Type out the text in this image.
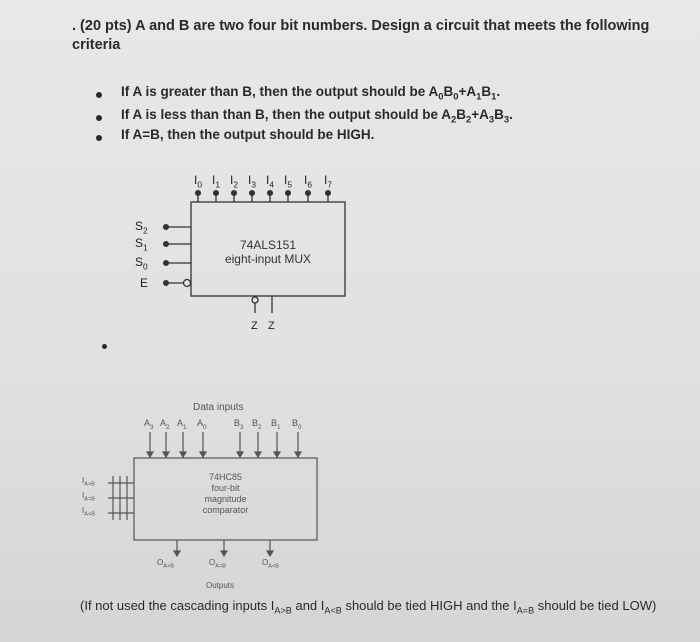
. (20 pts) A and B are two four bit numbers. Design a circuit that meets the following criteria
If A is greater than B, then the output should be $A_0B_0+A_1B_1$.
If A is less than than B, then the output should be $A_2B_2+A_3B_3$.
If A=B, then the output should be HIGH.
$I_0$ $I_1$ $I_2$ $I_3$ $I_4$ $I_5$ $I_6$ $I_7$
$S_2$
$S_1$
$S_0$
E
74ALS151
eight-input MUX
Z Z
Data inputs
$A_3$ $A_2$ $A_1$ $A_0$	$B_3$ $B_2$ $B_1$ $B_0$
$I_{A>B}$
$I_{A=B}$
$I_{A<B}$
74HC85
four-bit
magnitude
comparator
$O_{A>B}$	$O_{A=B}$	$O_{A<B}$
Outputs
(If not used the cascading inputs $I_{A>B}$ and $I_{A<B}$ should be tied HIGH and the $I_{A=B}$ should be tied LOW)
